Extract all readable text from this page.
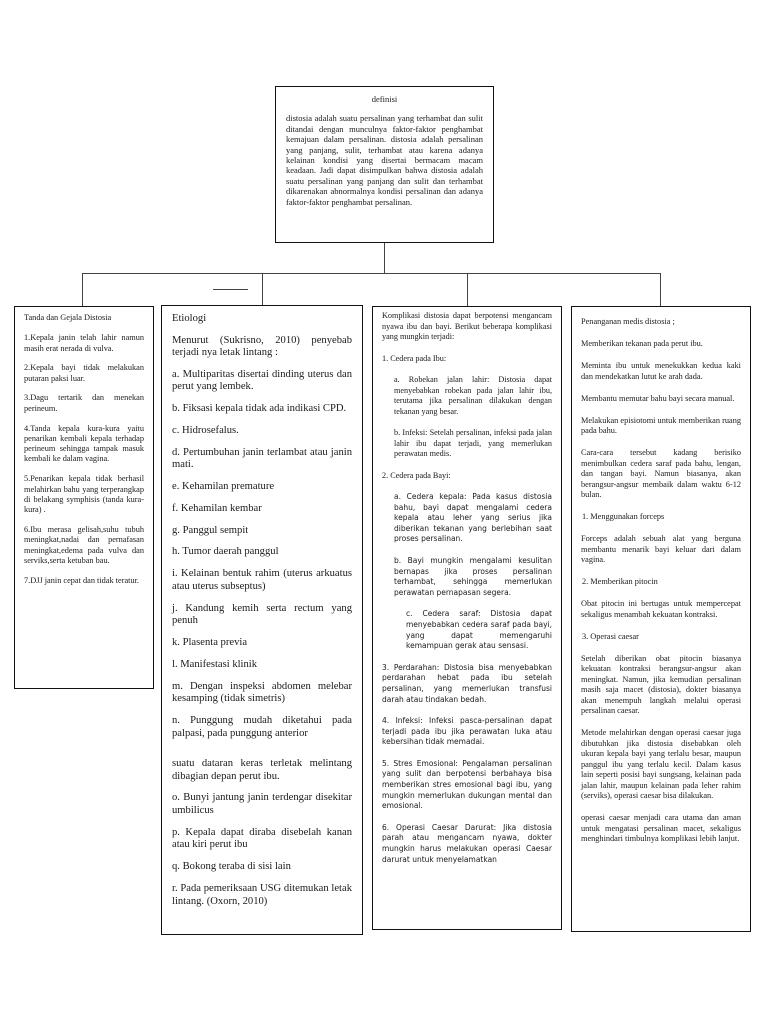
definisi

distosia adalah suatu persalinan yang terhambat dan sulit ditandai dengan munculnya faktor-faktor penghambat kemajuan dalam persalinan. distosia adalah persalinan yang panjang, sulit, terhambat atau karena adanya kelainan kondisi yang disertai bermacam macam keadaan. Jadi dapat disimpulkan bahwa distosia adalah suatu persalinan yang panjang dan sulit dan terhambat dikarenakan abnormalnya kondisi persalinan dan adanya faktor-faktor penghambat persalinan.

Tanda dan Gejala Distosia

1.Kepala janin telah lahir namun masih erat nerada di vulva.

2.Kepala bayi tidak melakukan putaran paksi luar.

3.Dagu tertarik dan menekan perineum.

4.Tanda kepala kura-kura yaitu penarikan kembali kepala terhadap perineum sehingga tampak masuk kembali ke dalam vagina.

5.Penarikan kepala tidak berhasil melahirkan bahu yang terperangkap di belakang symphisis (tanda kura-kura) .

6.Ibu merasa gelisah,suhu tubuh meningkat,nadai dan pernafasan meningkat,edema pada vulva dan serviks,serta ketuban bau.

7.DJJ janin cepat dan tidak teratur.

Etiologi

Menurut (Sukrisno, 2010) penyebab terjadi nya letak lintang :

a. Multiparitas disertai dinding uterus dan perut yang lembek.

b. Fiksasi kepala tidak ada indikasi CPD.

c. Hidrosefalus.

d. Pertumbuhan janin terlambat atau janin mati.

e. Kehamilan premature

f. Kehamilan kembar

g. Panggul sempit

h. Tumor daerah panggul

i. Kelainan bentuk rahim (uterus arkuatus atau uterus subseptus)

j. Kandung kemih serta rectum yang penuh

k. Plasenta previa

l. Manifestasi klinik

m. Dengan inspeksi abdomen melebar kesamping (tidak simetris)

n. Punggung mudah diketahui pada palpasi, pada punggung anterior

suatu dataran keras terletak melintang dibagian depan perut ibu.

o. Bunyi jantung janin terdengar disekitar umbilicus

p. Kepala dapat diraba disebelah kanan atau kiri perut ibu

q. Bokong teraba di sisi lain

r. Pada pemeriksaan USG ditemukan letak lintang. (Oxorn, 2010)

Komplikasi distosia dapat berpotensi mengancam nyawa ibu dan bayi. Berikut beberapa komplikasi yang mungkin terjadi:

1. Cedera pada Ibu:

a. Robekan jalan lahir: Distosia dapat menyebabkan robekan pada jalan lahir ibu, terutama jika persalinan dilakukan dengan tekanan yang besar.

b. Infeksi: Setelah persalinan, infeksi pada jalan lahir ibu dapat terjadi, yang memerlukan perawatan medis.

2. Cedera pada Bayi:

a. Cedera kepala: Pada kasus distosia bahu, bayi dapat mengalami cedera kepala atau leher yang serius jika diberikan tekanan yang berlebihan saat proses persalinan.

b. Bayi mungkin mengalami kesulitan bernapas jika proses persalinan terhambat, sehingga memerlukan perawatan pernapasan segera.

c. Cedera saraf: Distosia dapat menyebabkan cedera saraf pada bayi, yang dapat memengaruhi kemampuan gerak atau sensasi.

3. Perdarahan: Distosia bisa menyebabkan perdarahan hebat pada ibu setelah persalinan, yang memerlukan transfusi darah atau tindakan bedah.

4. Infeksi: Infeksi pasca-persalinan dapat terjadi pada ibu jika perawatan luka atau kebersihan tidak memadai.

5. Stres Emosional: Pengalaman persalinan yang sulit dan berpotensi berbahaya bisa memberikan stres emosional bagi ibu, yang mungkin memerlukan dukungan mental dan emosional.

6. Operasi Caesar Darurat: Jika distosia parah atau mengancam nyawa, dokter mungkin harus melakukan operasi Caesar darurat untuk menyelamatkan

Penanganan medis distosia ;

Memberikan tekanan pada perut ibu.

Meminta ibu untuk menekukkan kedua kaki dan mendekatkan lutut ke arah dada.

Membantu memutar bahu bayi secara manual.

Melakukan episiotomi untuk memberikan ruang pada bahu.

Cara-cara tersebut kadang berisiko menimbulkan cedera saraf pada bahu, lengan, dan tangan bayi. Namun biasanya, akan berangsur-angsur membaik dalam waktu 6-12 bulan.

1. Menggunakan forceps

Forceps adalah sebuah alat yang berguna membantu menarik bayi keluar dari dalam vagina.

2. Memberikan pitocin

Obat pitocin ini bertugas untuk mempercepat sekaligus menambah kekuatan kontraksi.

3. Operasi caesar

Setelah diberikan obat pitocin biasanya kekuatan kontraksi berangsur-angsur akan meningkat. Namun, jika kemudian persalinan masih saja macet (distosia), dokter biasanya akan menempuh langkah melalui operasi persalinan caesar.

Metode melahirkan dengan operasi caesar juga dibutuhkan jika distosia disebabkan oleh ukuran kepala bayi yang terlalu besar, maupun panggul ibu yang terlalu kecil. Dalam kasus lain seperti posisi bayi sungsang, kelainan pada jalan lahir, maupun kelainan pada leher rahim (serviks), operasi caesar bisa dilakukan.

operasi caesar menjadi cara utama dan aman untuk mengatasi persalinan macet, sekaligus menghindari timbulnya komplikasi lebih lanjut.
